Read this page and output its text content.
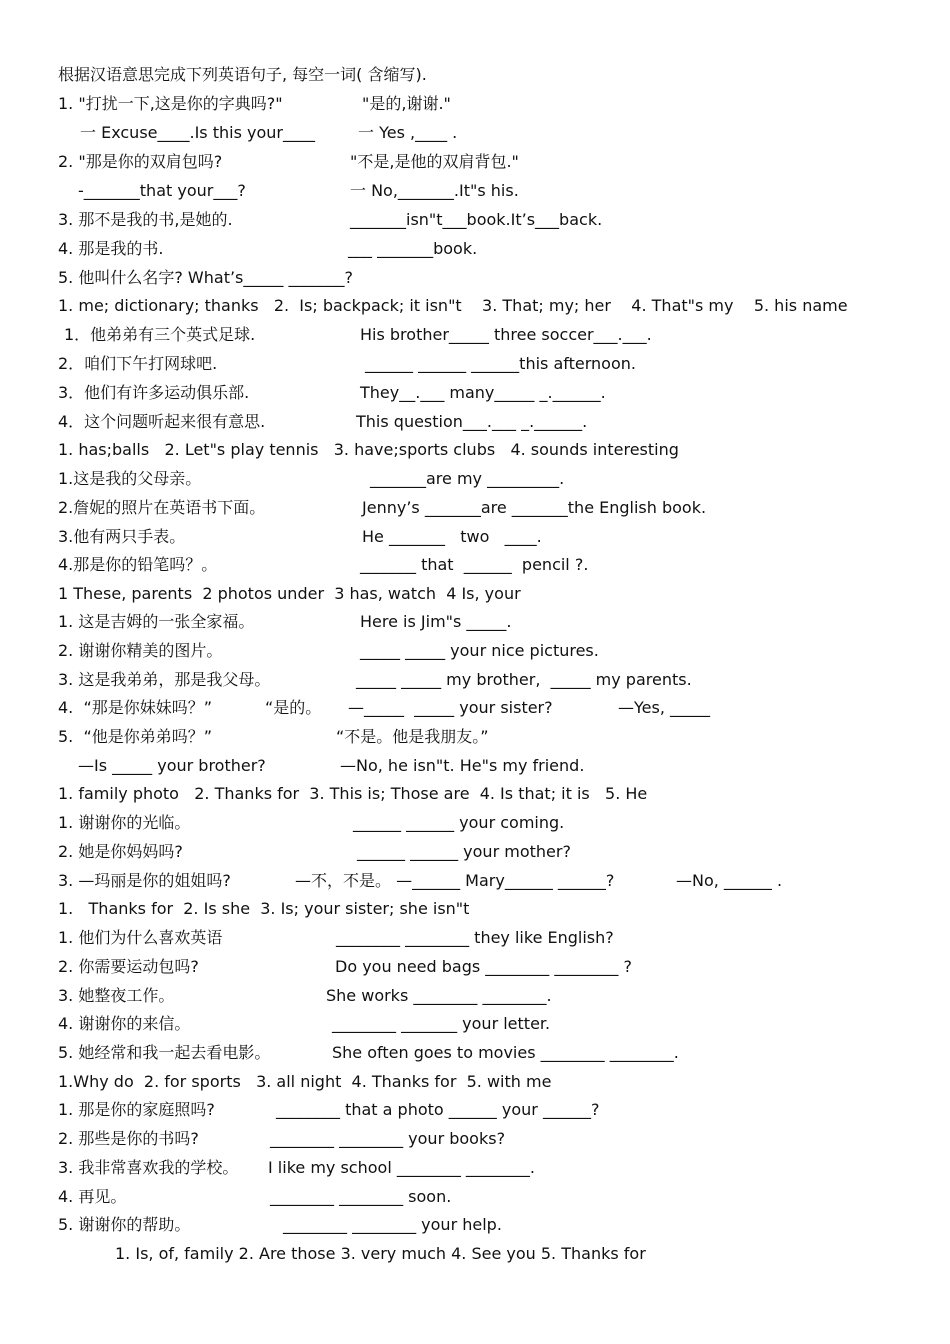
根据汉语意思完成下列英语句子, 每空一词( 含缩写).
1. "打扰一下,这是你的字典吗?"	"是的,谢谢."
一 Excuse____.Is this your____	一 Yes ,____ .
2. "那是你的双肩包吗?	"不是,是他的双肩背包."
-_______that your___?	一 No,_______.It"s his.
3. 那不是我的书,是她的.	_______isn"t___book.It’s___back.
4. 那是我的书.	___ _______book.
5. 他叫什么名字? What’s_____ _______?
1. me; dictionary; thanks   2.  Is; backpack; it isn"t    3. That; my; her    4. That"s my    5. his name
1．他弟弟有三个英式足球.	His brother_____ three soccer___.___.
2．咱们下午打网球吧.	______ ______ ______this afternoon.
3．他们有许多运动俱乐部.	They__.___ many_____ _.______.
4．这个问题听起来很有意思.	This question___.___ _.______.
1. has;balls   2. Let"s play tennis   3. have;sports clubs   4. sounds interesting
1.这是我的父母亲。	_______are my _________.
2.詹妮的照片在英语书下面。	Jenny’s _______are _______the English book.
3.他有两只手表。	He _______   two   ____.
4.那是你的铅笔吗？。	_______ that  ______  pencil ?.
1 These, parents  2 photos under  3 has, watch  4 Is, your
1. 这是吉姆的一张全家福。	Here is Jim"s _____.
2. 谢谢你精美的图片。	_____ _____ your nice pictures.
3. 这是我弟弟，那是我父母。	_____ _____ my brother,  _____ my parents.
4.  “那是你妹妹吗？”	“是的。 —_____  _____ your sister?	—Yes, _____
5.  “他是你弟弟吗？”	“不是。他是我朋友。”
—Is _____ your brother?	—No, he isn"t. He"s my friend.
1. family photo   2. Thanks for  3. This is; Those are  4. Is that; it is   5. He
1. 谢谢你的光临。	______ ______ your coming.
2. 她是你妈妈吗?	______ ______ your mother?
3. —玛丽是你的姐姐吗?	—不，不是。 —______ Mary______ ______?	—No, ______ .
1.   Thanks for  2. Is she  3. Is; your sister; she isn"t
1. 他们为什么喜欢英语	________ ________ they like English?
2. 你需要运动包吗?	Do you need bags ________ ________ ?
3. 她整夜工作。	She works ________ ________.
4. 谢谢你的来信。	________ _______ your letter.
5. 她经常和我一起去看电影。	She often goes to movies ________ ________.
1.Why do  2. for sports   3. all night  4. Thanks for  5. with me
1. 那是你的家庭照吗?	________ that a photo ______ your ______?
2. 那些是你的书吗?	________ ________ your books?
3. 我非常喜欢我的学校。 I like my school ________ ________.
4. 再见。	________ ________ soon.
5. 谢谢你的帮助。	________ ________ your help.
1. Is, of, family 2. Are those 3. very much 4. See you 5. Thanks for
